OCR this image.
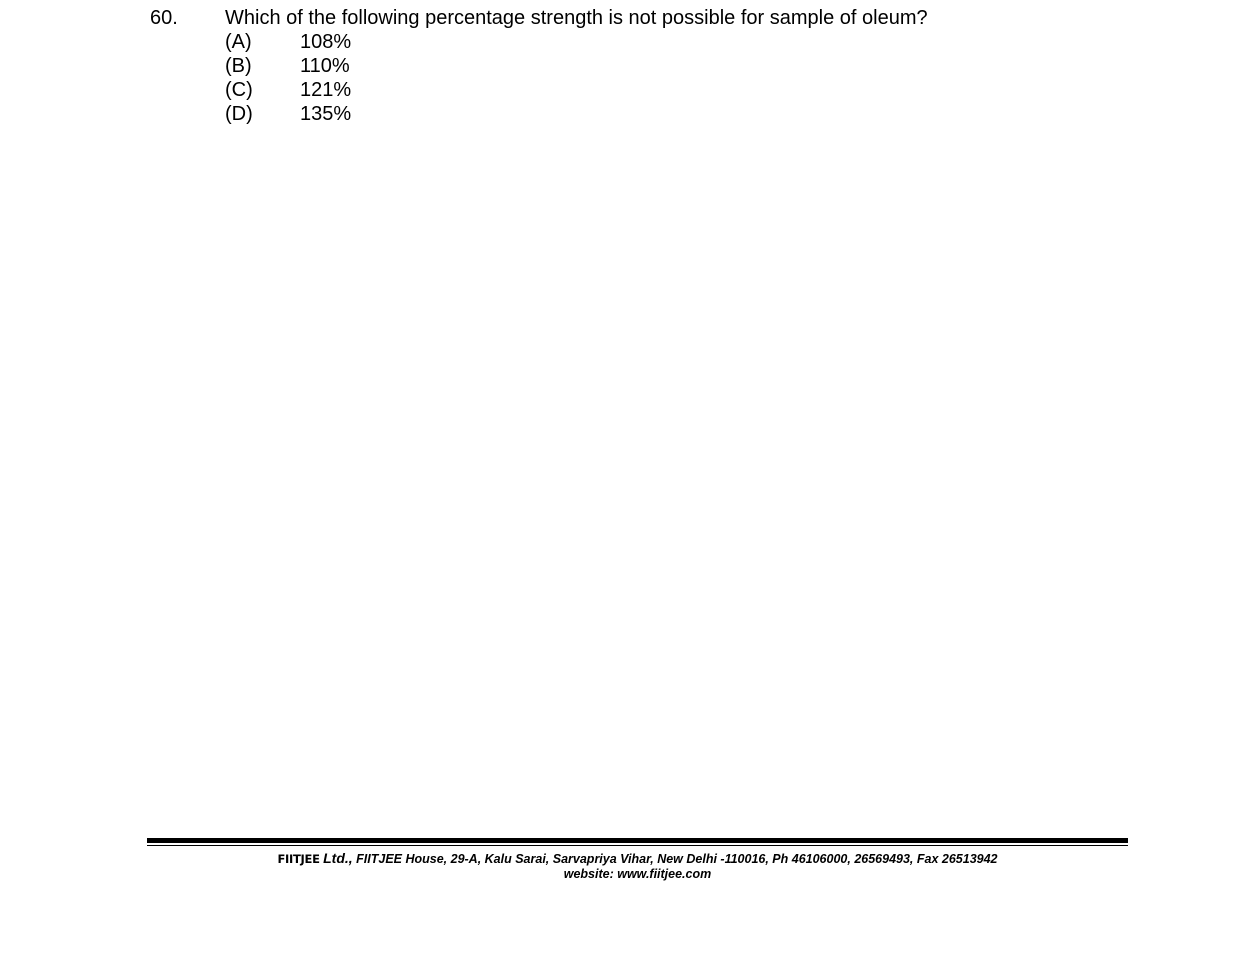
60. Which of the following percentage strength is not possible for sample of oleum?
(A) 108%
(B) 110%
(C) 121%
(D) 135%
FIITJEE Ltd., FIITJEE House, 29-A, Kalu Sarai, Sarvapriya Vihar, New Delhi -110016, Ph 46106000, 26569493, Fax 26513942
website: www.fiitjee.com
